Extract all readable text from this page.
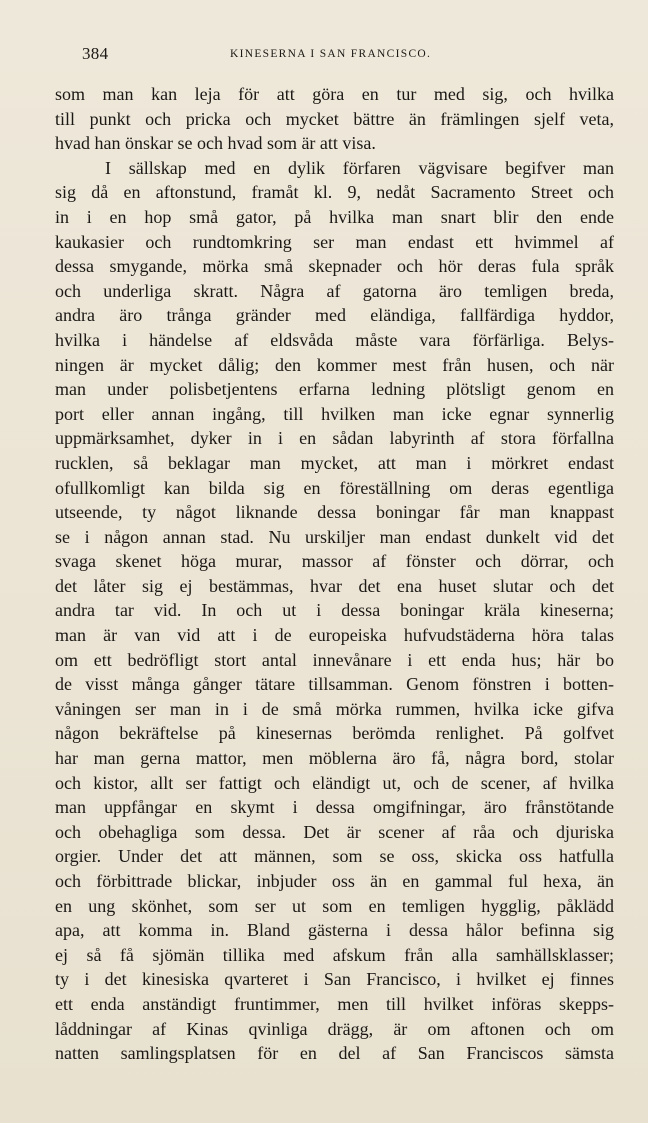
384	KINESERNA I SAN FRANCISCO.
som man kan leja för att göra en tur med sig, och hvilka
till punkt och pricka och mycket bättre än främlingen sjelf veta,
hvad han önskar se och hvad som är att visa.
I sällskap med en dylik förfaren vägvisare begifver man
sig då en aftonstund, framåt kl. 9, nedåt Sacramento Street och
in i en hop små gator, på hvilka man snart blir den ende
kaukasier och rundtomkring ser man endast ett hvimmel af
dessa smygande, mörka små skepnader och hör deras fula språk
och underliga skratt. Några af gatorna äro temligen breda,
andra äro trånga gränder med eländiga, fallfärdiga hyddor,
hvilka i händelse af eldsvåda måste vara förfärliga. Belys-
ningen är mycket dålig; den kommer mest från husen, och när
man under polisbetjentens erfarna ledning plötsligt genom en
port eller annan ingång, till hvilken man icke egnar synnerlig
uppmärksamhet, dyker in i en sådan labyrinth af stora förfallna
rucklen, så beklagar man mycket, att man i mörkret endast
ofullkomligt kan bilda sig en föreställning om deras egentliga
utseende, ty något liknande dessa boningar får man knappast
se i någon annan stad. Nu urskiljer man endast dunkelt vid det
svaga skenet höga murar, massor af fönster och dörrar, och
det låter sig ej bestämmas, hvar det ena huset slutar och det
andra tar vid. In och ut i dessa boningar kräla kineserna;
man är van vid att i de europeiska hufvudstäderna höra talas
om ett bedröfligt stort antal innevånare i ett enda hus; här bo
de visst många gånger tätare tillsamman. Genom fönstren i botten-
våningen ser man in i de små mörka rummen, hvilka icke gifva
någon bekräftelse på kinesernas berömda renlighet. På golfvet
har man gerna mattor, men möblerna äro få, några bord, stolar
och kistor, allt ser fattigt och eländigt ut, och de scener, af hvilka
man uppfångar en skymt i dessa omgifningar, äro frånstötande
och obehagliga som dessa. Det är scener af råa och djuriska
orgier. Under det att männen, som se oss, skicka oss hatfulla
och förbittrade blickar, inbjuder oss än en gammal ful hexa, än
en ung skönhet, som ser ut som en temligen hygglig, påklädd
apa, att komma in. Bland gästerna i dessa hålor befinna sig
ej så få sjömän tillika med afskum från alla samhällsklasser;
ty i det kinesiska qvarteret i San Francisco, i hvilket ej finnes
ett enda anständigt fruntimmer, men till hvilket införas skepps-
låddningar af Kinas qvinliga drägg, är om aftonen och om
natten samlingsplatsen för en del af San Franciscos sämsta
